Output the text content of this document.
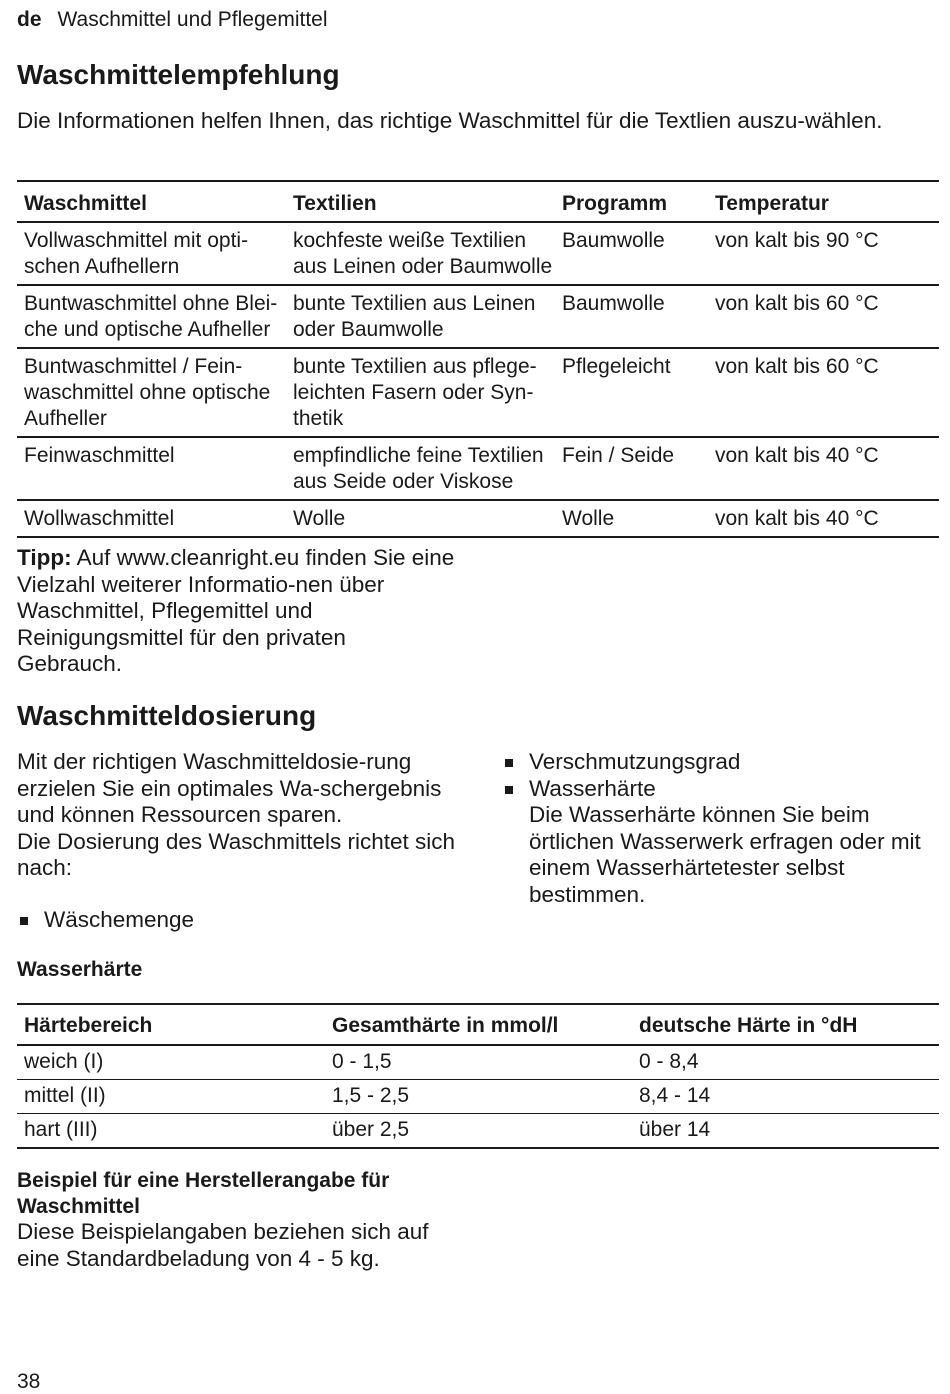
de Waschmittel und Pflegemittel
Waschmittelempfehlung

Die Informationen helfen Ihnen, das richtige Waschmittel für die Textlien auszu-wählen.

Waschmittel	Textilien	Programm	Temperatur
Vollwaschmittel mit opti-schen Aufhellern	kochfeste weiße Textilien aus Leinen oder Baumwolle	Baumwolle	von kalt bis 90 °C
Buntwaschmittel ohne Blei-che und optische Aufheller	bunte Textilien aus Leinen oder Baumwolle	Baumwolle	von kalt bis 60 °C
Buntwaschmittel / Fein-waschmittel ohne optische Aufheller	bunte Textilien aus pflege-leichten Fasern oder Syn-thetik	Pflegeleicht	von kalt bis 60 °C
Feinwaschmittel	empfindliche feine Textilien aus Seide oder Viskose	Fein / Seide	von kalt bis 40 °C
Wollwaschmittel	Wolle	Wolle	von kalt bis 40 °C

Tipp: Auf www.cleanright.eu finden Sie eine Vielzahl weiterer Informatio-nen über Waschmittel, Pflegemittel und Reinigungsmittel für den privaten Gebrauch.

Waschmitteldosierung

Mit der richtigen Waschmitteldosie-rung erzielen Sie ein optimales Wa-schergebnis und können Ressourcen sparen.
Die Dosierung des Waschmittels richtet sich nach:

Wäschemenge
Verschmutzungsgrad
Wasserhärte
Die Wasserhärte können Sie beim örtlichen Wasserwerk erfragen oder mit einem Wasserhärtetester selbst bestimmen.
Wasserhärte
Härtebereich	Gesamthärte in mmol/l	deutsche Härte in °dH
weich (I)	0 - 1,5	0 - 8,4
mittel (II)	1,5 - 2,5	8,4 - 14
hart (III)	über 2,5	über 14
Beispiel für eine Herstellerangabe für Waschmittel

Diese Beispielangaben beziehen sich auf eine Standardbeladung von 4 - 5 kg.

38
